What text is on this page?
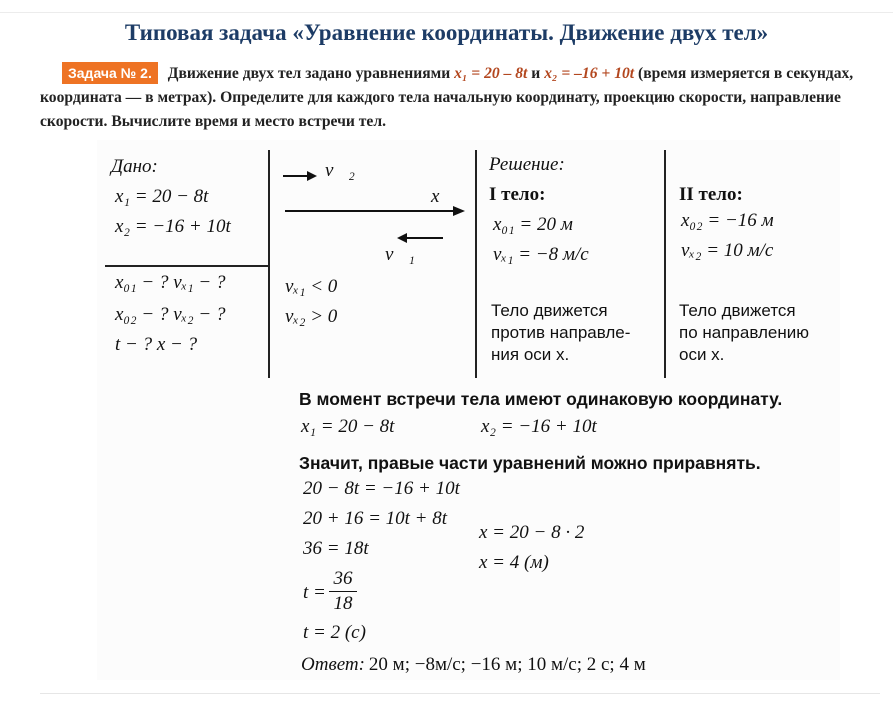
Типовая задача «Уравнение координаты. Движение двух тел»
Задача № 2. Движение двух тел задано уравнениями x₁ = 20 – 8t и x₂ = –16 + 10t (время измеряется в секундах, координата — в метрах). Определите для каждого тела начальную координату, проекцию скорости, направление скорости. Вычислите время и место встречи тел.
Дано:
x₁ = 20 − 8t
x₂ = −16 + 10t
x₀₁ − ? vₓ₁ − ?
x₀₂ − ? vₓ₂ − ?
t − ? x − ?
v⃗₂
x
v⃗₁
vₓ₁ < 0
vₓ₂ > 0
Решение:
I тело:
x₀₁ = 20 м
vₓ₁ = −8 м/с
Тело движется
против направле-
ния оси x.
II тело:
x₀₂ = −16 м
vₓ₂ = 10 м/с
Тело движется
по направлению
оси x.
В момент встречи тела имеют одинаковую координату.
x₁ = 20 − 8t	x₂ = −16 + 10t
Значит, правые части уравнений можно приравнять.
20 − 8t = −16 + 10t
20 + 16 = 10t + 8t
36 = 18t
t =
36
18
t = 2 (с)
x = 20 − 8 · 2
x = 4 (м)
Ответ: 20 м; −8м/с; −16 м; 10 м/с; 2 с; 4 м
